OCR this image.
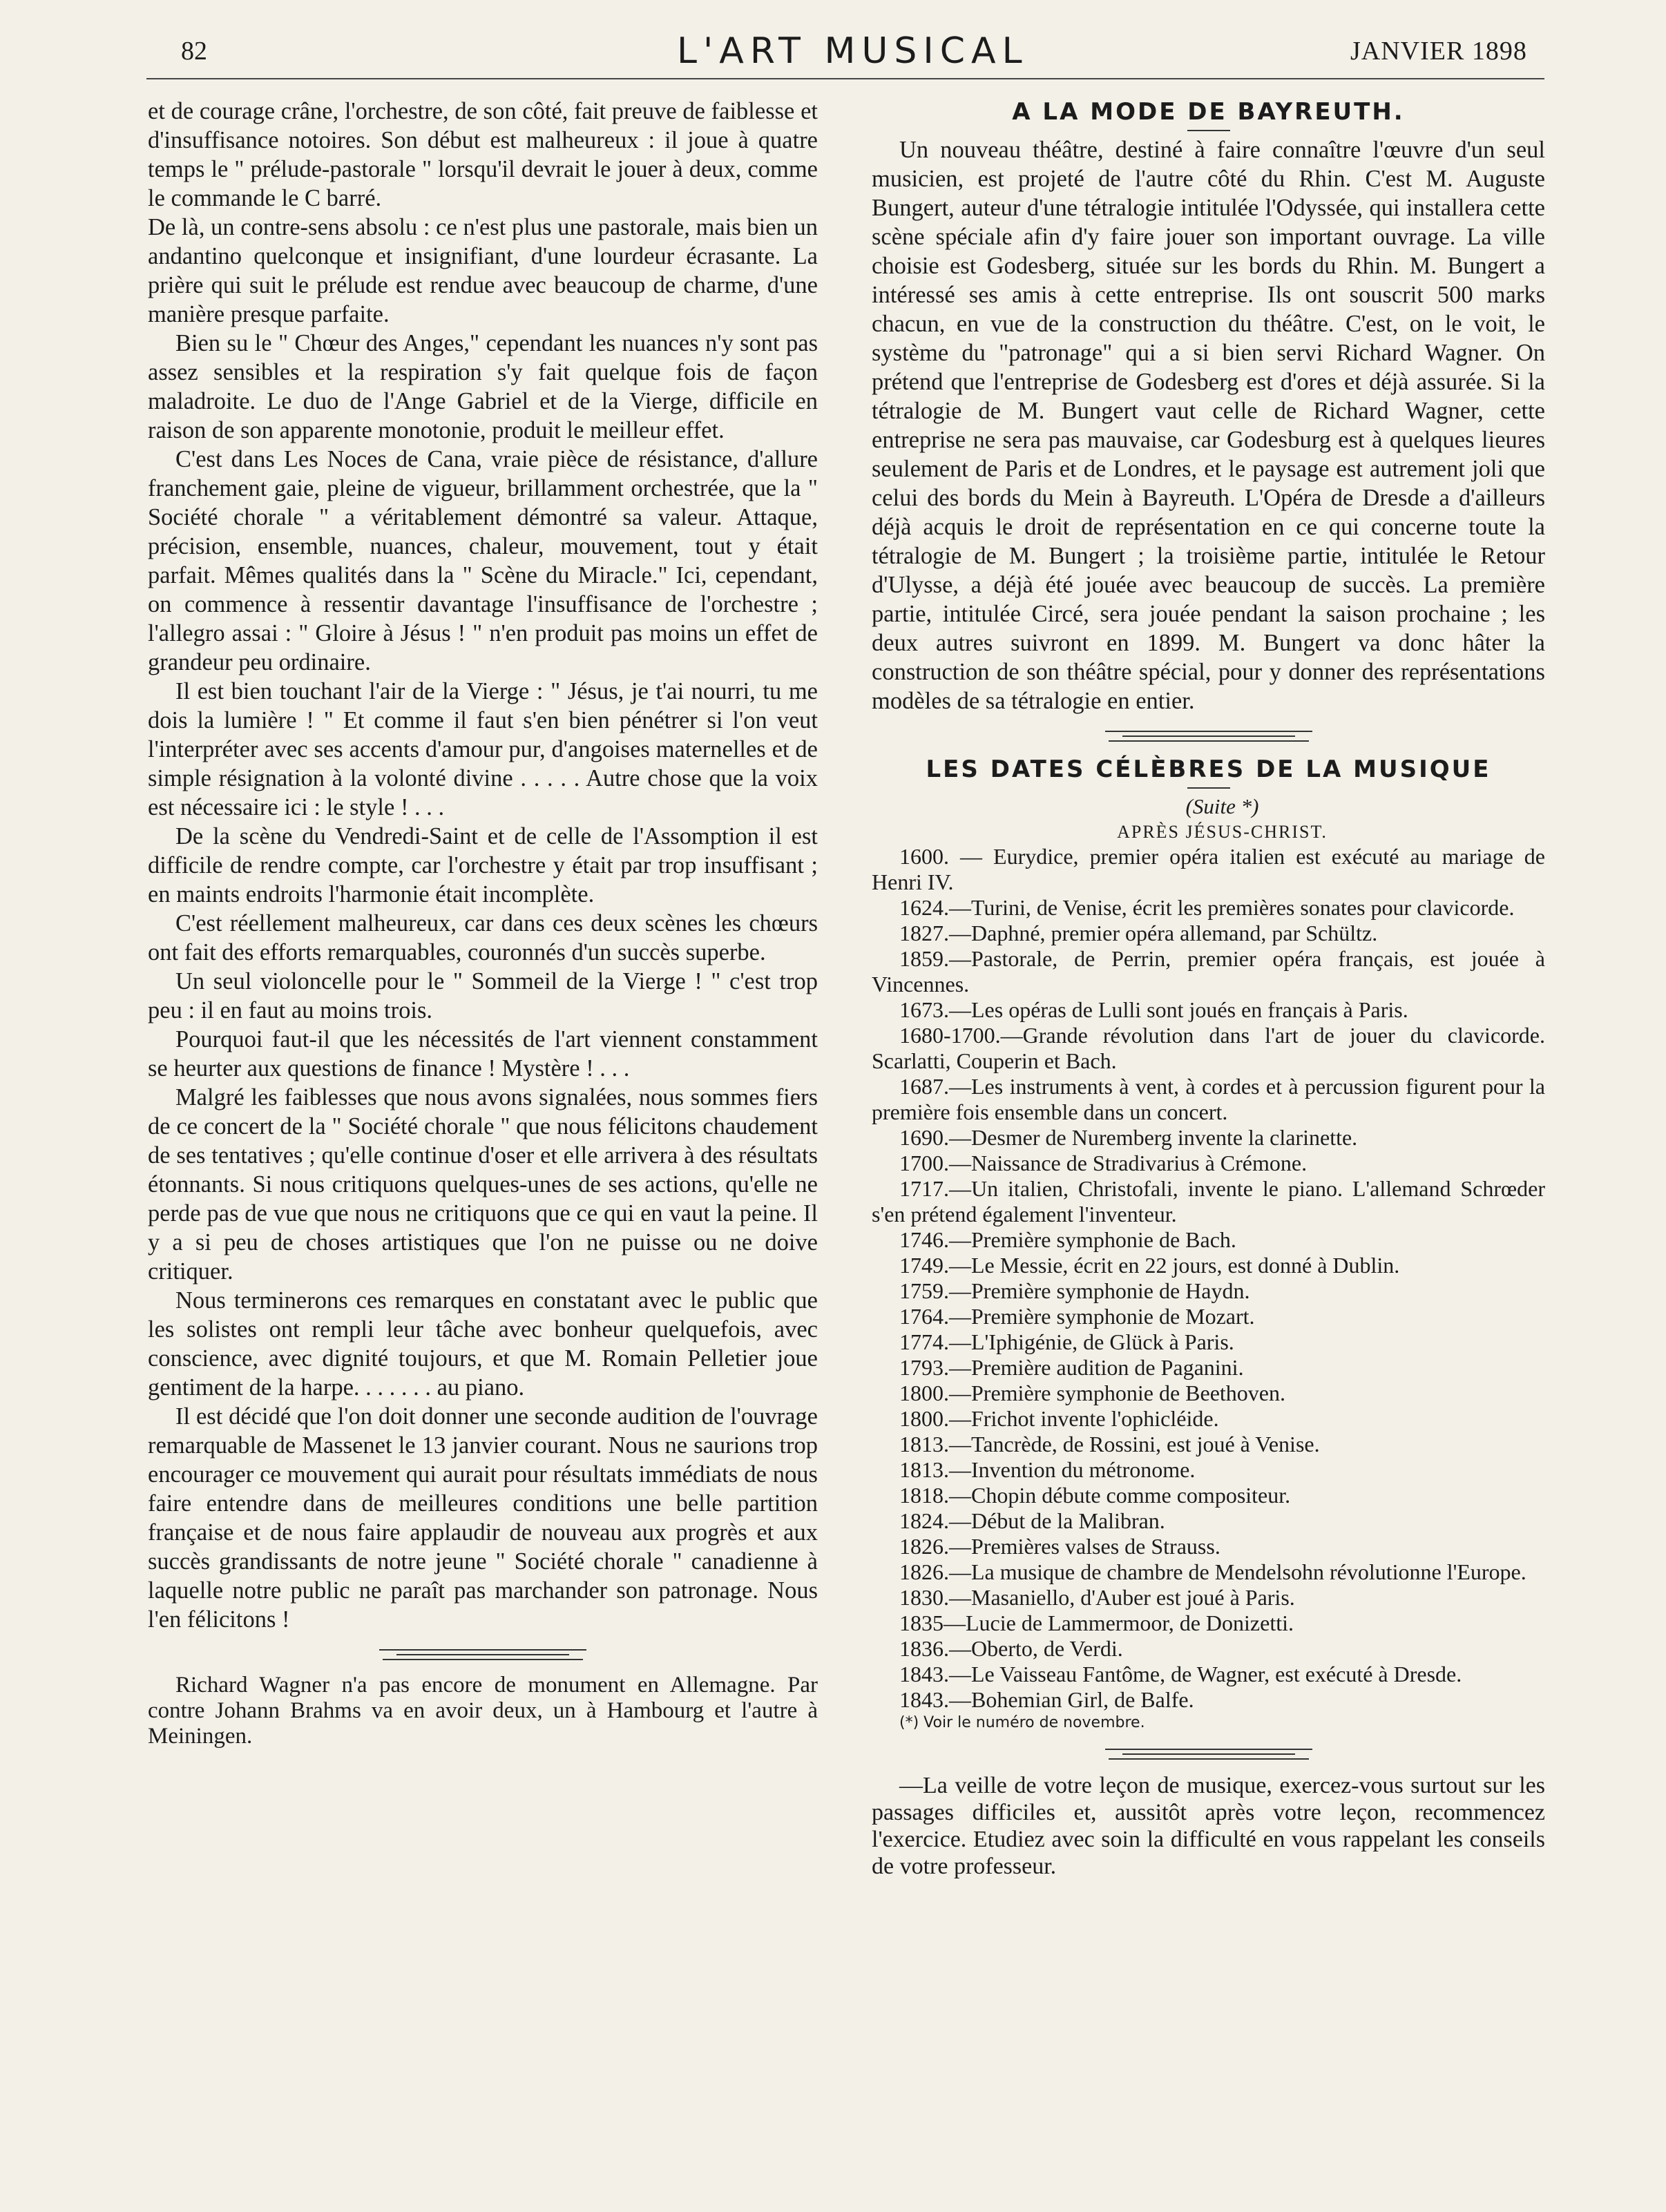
82	L'ART MUSICAL	JANVIER 1898

et de courage crâne, l'orchestre, de son côté, fait preuve de faiblesse et d'insuffisance notoires. Son début est malheureux : il joue à quatre temps le " prélude-pastorale " lorsqu'il devrait le jouer à deux, comme le commande le C barré.

De là, un contre-sens absolu : ce n'est plus une pastorale, mais bien un andantino quelconque et insignifiant, d'une lourdeur écrasante. La prière qui suit le prélude est rendue avec beaucoup de charme, d'une manière presque parfaite.

Bien su le " Chœur des Anges," cependant les nuances n'y sont pas assez sensibles et la respiration s'y fait quelque fois de façon maladroite. Le duo de l'Ange Gabriel et de la Vierge, difficile en raison de son apparente monotonie, produit le meilleur effet.

C'est dans Les Noces de Cana, vraie pièce de résistance, d'allure franchement gaie, pleine de vigueur, brillamment orchestrée, que la " Société chorale " a véritablement démontré sa valeur. Attaque, précision, ensemble, nuances, chaleur, mouvement, tout y était parfait. Mêmes qualités dans la " Scène du Miracle." Ici, cependant, on commence à ressentir davantage l'insuffisance de l'orchestre ; l'allegro assai : " Gloire à Jésus ! " n'en produit pas moins un effet de grandeur peu ordinaire.

Il est bien touchant l'air de la Vierge : " Jésus, je t'ai nourri, tu me dois la lumière ! " Et comme il faut s'en bien pénétrer si l'on veut l'interpréter avec ses accents d'amour pur, d'angoises maternelles et de simple résignation à la volonté divine . . . . . Autre chose que la voix est nécessaire ici : le style ! . . .

De la scène du Vendredi-Saint et de celle de l'Assomption il est difficile de rendre compte, car l'orchestre y était par trop insuffisant ; en maints endroits l'harmonie était incomplète.

C'est réellement malheureux, car dans ces deux scènes les chœurs ont fait des efforts remarquables, couronnés d'un succès superbe.

Un seul violoncelle pour le " Sommeil de la Vierge ! " c'est trop peu : il en faut au moins trois.

Pourquoi faut-il que les nécessités de l'art viennent constamment se heurter aux questions de finance ! Mystère ! . . .

Malgré les faiblesses que nous avons signalées, nous sommes fiers de ce concert de la " Société chorale " que nous félicitons chaudement de ses tentatives ; qu'elle continue d'oser et elle arrivera à des résultats étonnants. Si nous critiquons quelques-unes de ses actions, qu'elle ne perde pas de vue que nous ne critiquons que ce qui en vaut la peine. Il y a si peu de choses artistiques que l'on ne puisse ou ne doive critiquer.

Nous terminerons ces remarques en constatant avec le public que les solistes ont rempli leur tâche avec bonheur quelquefois, avec conscience, avec dignité toujours, et que M. Romain Pelletier joue gentiment de la harpe. . . . . . . au piano.

Il est décidé que l'on doit donner une seconde audition de l'ouvrage remarquable de Massenet le 13 janvier courant. Nous ne saurions trop encourager ce mouvement qui aurait pour résultats immédiats de nous faire entendre dans de meilleures conditions une belle partition française et de nous faire applaudir de nouveau aux progrès et aux succès grandissants de notre jeune " Société chorale " canadienne à laquelle notre public ne paraît pas marchander son patronage. Nous l'en félicitons !

Richard Wagner n'a pas encore de monument en Allemagne. Par contre Johann Brahms va en avoir deux, un à Hambourg et l'autre à Meiningen.

A LA MODE DE BAYREUTH.

Un nouveau théâtre, destiné à faire connaître l'œuvre d'un seul musicien, est projeté de l'autre côté du Rhin. C'est M. Auguste Bungert, auteur d'une tétralogie intitulée l'Odyssée, qui installera cette scène spéciale afin d'y faire jouer son important ouvrage. La ville choisie est Godesberg, située sur les bords du Rhin. M. Bungert a intéressé ses amis à cette entreprise. Ils ont souscrit 500 marks chacun, en vue de la construction du théâtre. C'est, on le voit, le système du "patronage" qui a si bien servi Richard Wagner. On prétend que l'entreprise de Godesberg est d'ores et déjà assurée. Si la tétralogie de M. Bungert vaut celle de Richard Wagner, cette entreprise ne sera pas mauvaise, car Godesburg est à quelques lieures seulement de Paris et de Londres, et le paysage est autrement joli que celui des bords du Mein à Bayreuth. L'Opéra de Dresde a d'ailleurs déjà acquis le droit de représentation en ce qui concerne toute la tétralogie de M. Bungert ; la troisième partie, intitulée le Retour d'Ulysse, a déjà été jouée avec beaucoup de succès. La première partie, intitulée Circé, sera jouée pendant la saison prochaine ; les deux autres suivront en 1899. M. Bungert va donc hâter la construction de son théâtre spécial, pour y donner des représentations modèles de sa tétralogie en entier.

LES DATES CÉLÈBRES DE LA MUSIQUE

(Suite *)

APRÈS JÉSUS-CHRIST.

1600. — Eurydice, premier opéra italien est exécuté au mariage de Henri IV.

1624.—Turini, de Venise, écrit les premières sonates pour clavicorde.

1827.—Daphné, premier opéra allemand, par Schültz.

1859.—Pastorale, de Perrin, premier opéra français, est jouée à Vincennes.

1673.—Les opéras de Lulli sont joués en français à Paris.

1680-1700.—Grande révolution dans l'art de jouer du clavicorde. Scarlatti, Couperin et Bach.

1687.—Les instruments à vent, à cordes et à percussion figurent pour la première fois ensemble dans un concert.

1690.—Desmer de Nuremberg invente la clarinette.

1700.—Naissance de Stradivarius à Crémone.

1717.—Un italien, Christofali, invente le piano. L'allemand Schrœder s'en prétend également l'inventeur.

1746.—Première symphonie de Bach.

1749.—Le Messie, écrit en 22 jours, est donné à Dublin.

1759.—Première symphonie de Haydn.

1764.—Première symphonie de Mozart.

1774.—L'Iphigénie, de Glück à Paris.

1793.—Première audition de Paganini.

1800.—Première symphonie de Beethoven.

1800.—Frichot invente l'ophicléide.

1813.—Tancrède, de Rossini, est joué à Venise.

1813.—Invention du métronome.

1818.—Chopin débute comme compositeur.

1824.—Début de la Malibran.

1826.—Premières valses de Strauss.

1826.—La musique de chambre de Mendelsohn révolutionne l'Europe.

1830.—Masaniello, d'Auber est joué à Paris.

1835—Lucie de Lammermoor, de Donizetti.

1836.—Oberto, de Verdi.

1843.—Le Vaisseau Fantôme, de Wagner, est exécuté à Dresde.

1843.—Bohemian Girl, de Balfe.

(*) Voir le numéro de novembre.

—La veille de votre leçon de musique, exercez-vous surtout sur les passages difficiles et, aussitôt après votre leçon, recommencez l'exercice. Etudiez avec soin la difficulté en vous rappelant les conseils de votre professeur.
